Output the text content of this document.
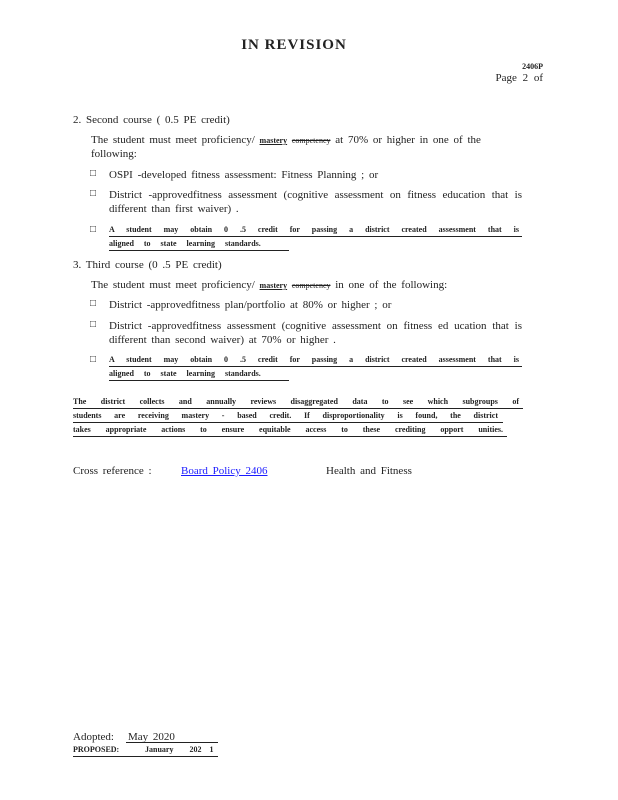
IN REVISION
2406P
Page 2 of
2. Second course ( 0.5 PE credit)
The student must meet proficiency/ mastery competency at 70% or higher in one of the
following:
□ OSPI -developed fitness assessment: Fitness Planning ; or
□ District -approvedfitness assessment (cognitive assessment on fitness education that is
different than first waiver) .
□ A student may obtain 0 .5 credit for passing a district created assessment that is
aligned to state learning standards.
3. Third course (0 .5 PE credit)
The student must meet proficiency/ mastery competency in one of the following:
□ District -approvedfitness plan/portfolio at 80% or higher ; or
□ District -approvedfitness assessment (cognitive assessment on fitness ed ucation that is
different than second waiver) at 70% or higher .
□ A student may obtain 0 .5 credit for passing a district created assessment that is
aligned to state learning standards.
The district collects and annually reviews disaggregated data to see which subgroups of
students are receiving mastery - based credit. If disproportionality is found, the district
takes appropriate actions to ensure equitable access to these crediting opport unities.
Cross reference :	Board Policy 2406	Health and Fitness
Adopted: May 2020
PROPOSED:	January        202    1
